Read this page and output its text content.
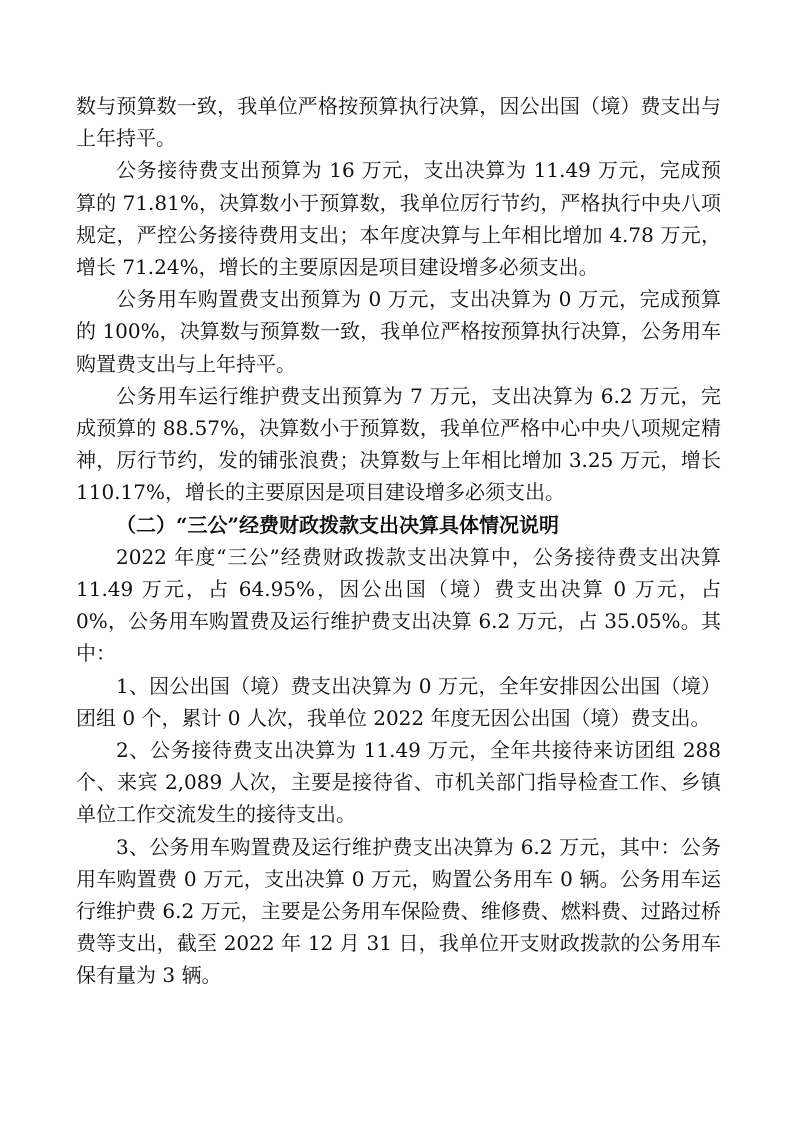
数与预算数一致，我单位严格按预算执行决算，因公出国（境）费支出与上年持平。

公务接待费支出预算为 16 万元，支出决算为 11.49 万元，完成预算的 71.81%，决算数小于预算数，我单位厉行节约，严格执行中央八项规定，严控公务接待费用支出；本年度决算与上年相比增加 4.78 万元，增长 71.24%，增长的主要原因是项目建设增多必须支出。

公务用车购置费支出预算为 0 万元，支出决算为 0 万元，完成预算的 100%，决算数与预算数一致，我单位严格按预算执行决算，公务用车购置费支出与上年持平。

公务用车运行维护费支出预算为 7 万元，支出决算为 6.2 万元，完成预算的 88.57%，决算数小于预算数，我单位严格中心中央八项规定精神，厉行节约，发的铺张浪费；决算数与上年相比增加 3.25 万元，增长 110.17%，增长的主要原因是项目建设增多必须支出。

（二）“三公”经费财政拨款支出决算具体情况说明

2022 年度“三公”经费财政拨款支出决算中，公务接待费支出决算 11.49 万元，占 64.95%，因公出国（境）费支出决算 0 万元，占 0%，公务用车购置费及运行维护费支出决算 6.2 万元，占 35.05%。其中：

1、因公出国（境）费支出决算为 0 万元，全年安排因公出国（境）团组 0 个，累计 0 人次，我单位 2022 年度无因公出国（境）费支出。

2、公务接待费支出决算为 11.49 万元，全年共接待来访团组 288 个、来宾 2,089 人次，主要是接待省、市机关部门指导检查工作、乡镇单位工作交流发生的接待支出。

3、公务用车购置费及运行维护费支出决算为 6.2 万元，其中：公务用车购置费 0 万元，支出决算 0 万元，购置公务用车 0 辆。公务用车运行维护费 6.2 万元，主要是公务用车保险费、维修费、燃料费、过路过桥费等支出，截至 2022 年 12 月 31 日，我单位开支财政拨款的公务用车保有量为 3 辆。
